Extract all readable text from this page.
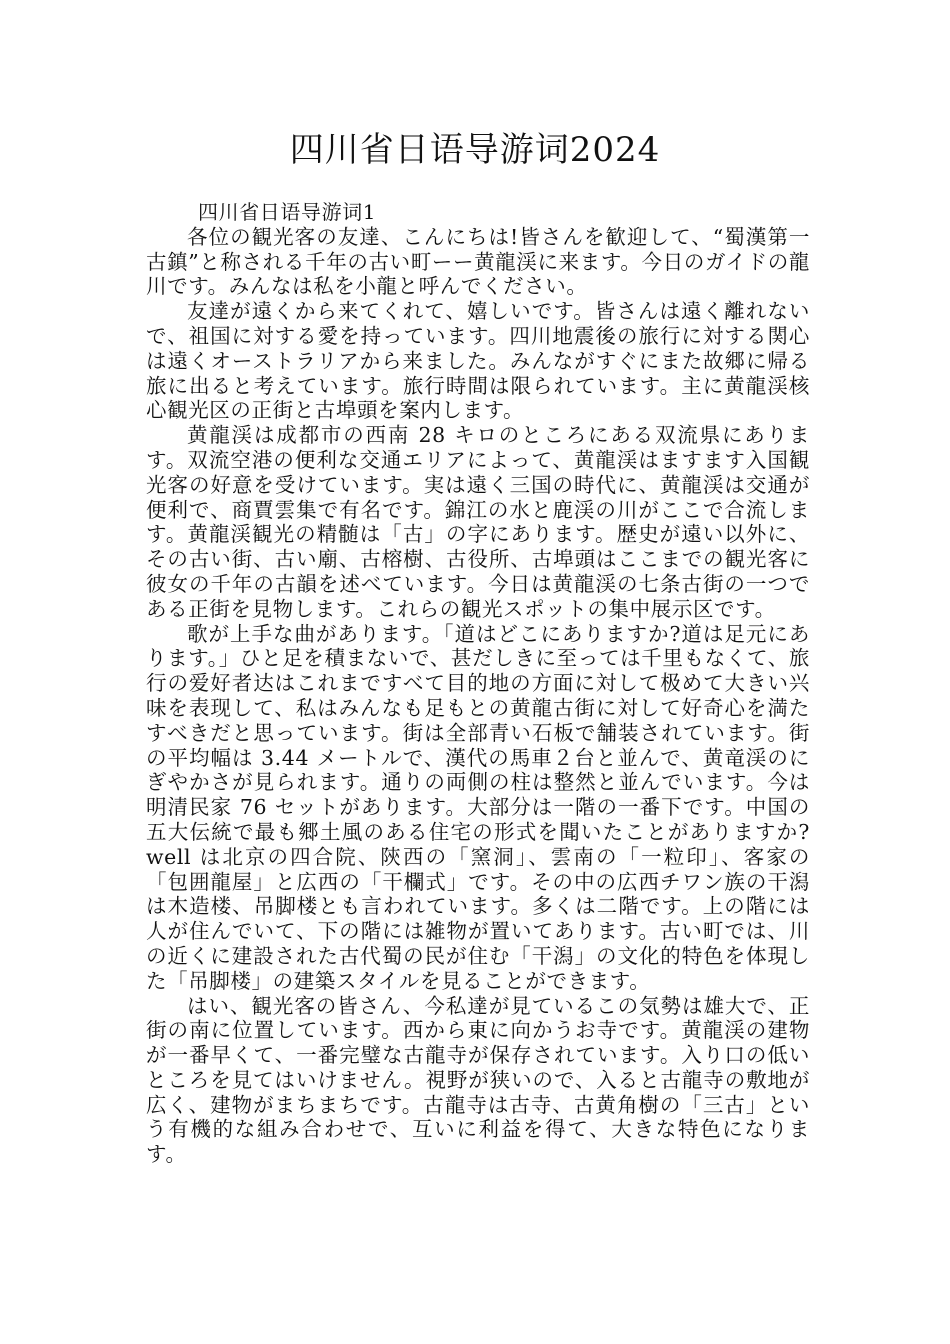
四川省日语导游词2024
四川省日语导游词1

各位の観光客の友達、こんにちは!皆さんを歓迎して、“蜀漢第一古鎮”と称される千年の古い町ーー黄龍渓に来ます。今日のガイドの龍川です。みんなは私を小龍と呼んでください。

友達が遠くから来てくれて、嬉しいです。皆さんは遠く離れないで、祖国に対する愛を持っています。四川地震後の旅行に対する関心は遠くオーストラリアから来ました。みんながすぐにまた故郷に帰る旅に出ると考えています。旅行時間は限られています。主に黄龍渓核心観光区の正街と古埠頭を案内します。

黄龍渓は成都市の西南 28 キロのところにある双流県にあります。双流空港の便利な交通エリアによって、黄龍渓はますます入国観光客の好意を受けています。実は遠く三国の時代に、黄龍渓は交通が便利で、商賈雲集で有名です。錦江の水と鹿渓の川がここで合流します。黄龍渓観光の精髄は「古」の字にあります。歴史が遠い以外に、その古い街、古い廟、古榕樹、古役所、古埠頭はここまでの観光客に彼女の千年の古韻を述べています。今日は黄龍渓の七条古街の一つである正街を見物します。これらの観光スポットの集中展示区です。

歌が上手な曲があります。「道はどこにありますか?道は足元にあります。」ひと足を積まないで、甚だしきに至っては千里もなくて、旅行の爱好者达はこれまですべて目的地の方面に対して极めて大きい兴味を表现して、私はみんなも足もとの黄龍古街に対して好奇心を満たすべきだと思っています。街は全部青い石板で舗装されています。街の平均幅は 3.44 メートルで、漢代の馬車２台と並んで、黄竜渓のにぎやかさが見られます。通りの両側の柱は整然と並んでいます。今は明清民家 76 セットがあります。大部分は一階の一番下です。中国の五大伝統で最も郷土風のある住宅の形式を聞いたことがありますか?well は北京の四合院、陝西の「窯洞」、雲南の「一粒印」、客家の「包囲龍屋」と広西の「干欄式」です。その中の広西チワン族の干潟は木造楼、吊脚楼とも言われています。多くは二階です。上の階には人が住んでいて、下の階には雑物が置いてあります。古い町では、川の近くに建設された古代蜀の民が住む「干潟」の文化的特色を体現した「吊脚楼」の建築スタイルを見ることができます。

はい、観光客の皆さん、今私達が見ているこの気勢は雄大で、正街の南に位置しています。西から東に向かうお寺です。黄龍渓の建物が一番早くて、一番完璧な古龍寺が保存されています。入り口の低いところを見てはいけません。視野が狭いので、入ると古龍寺の敷地が広く、建物がまちまちです。古龍寺は古寺、古黄角樹の「三古」という有機的な組み合わせで、互いに利益を得て、大きな特色になります。
